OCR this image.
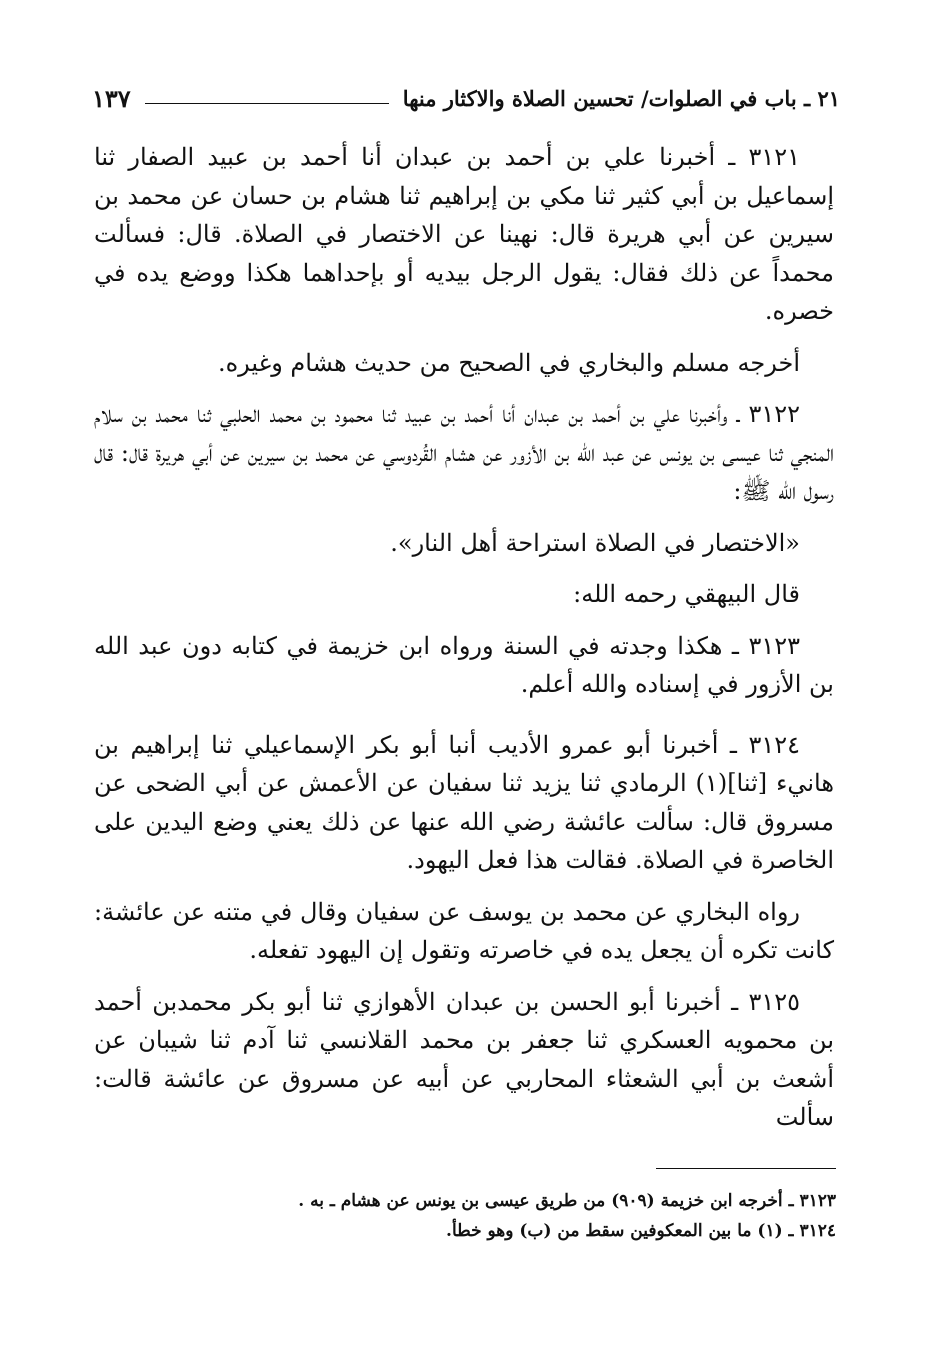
٢١ ـ باب في الصلوات/ تحسين الصلاة والاكثار منها
١٣٧

٣١٢١ ـ أخبرنا علي بن أحمد بن عبدان أنا أحمد بن عبيد الصفار ثنا إسماعيل بن أبي كثير ثنا مكي بن إبراهيم ثنا هشام بن حسان عن محمد بن سيرين عن أبي هريرة قال: نهينا عن الاختصار في الصلاة. قال: فسألت محمداً عن ذلك فقال: يقول الرجل بيديه أو بإحداهما هكذا ووضع يده في خصره.

أخرجه مسلم والبخاري في الصحيح من حديث هشام وغيره.

٣١٢٢ ـ وأخبرنا علي بن أحمد بن عبدان أنا أحمد بن عبيد ثنا محمود بن محمد الحلبي ثنا محمد بن سلام المنجي ثنا عيسى بن يونس عن عبد الله بن الأزور عن هشام القُردوسي عن محمد بن سيرين عن أبي هريرة قال: قال رسول الله ﷺ:

«الاختصار في الصلاة استراحة أهل النار».

قال البيهقي رحمه الله:

٣١٢٣ ـ هكذا وجدته في السنة ورواه ابن خزيمة في كتابه دون عبد الله بن الأزور في إسناده والله أعلم.

٣١٢٤ ـ أخبرنا أبو عمرو الأديب أنبا أبو بكر الإسماعيلي ثنا إبراهيم بن هانيء [ثنا](١) الرمادي ثنا يزيد ثنا سفيان عن الأعمش عن أبي الضحى عن مسروق قال: سألت عائشة رضي الله عنها عن ذلك يعني وضع اليدين على الخاصرة في الصلاة. فقالت هذا فعل اليهود.

رواه البخاري عن محمد بن يوسف عن سفيان وقال في متنه عن عائشة: كانت تكره أن يجعل يده في خاصرته وتقول إن اليهود تفعله.

٣١٢٥ ـ أخبرنا أبو الحسن بن عبدان الأهوازي ثنا أبو بكر محمدبن أحمد بن محمويه العسكري ثنا جعفر بن محمد القلانسي ثنا آدم ثنا شيبان عن أشعث بن أبي الشعثاء المحاربي عن أبيه عن مسروق عن عائشة قالت: سألت

٣١٢٣ ـ أخرجه ابن خزيمة (٩٠٩) من طريق عيسى بن يونس عن هشام ـ به .

٣١٢٤ ـ (١) ما بين المعكوفين سقط من (ب) وهو خطأ.
